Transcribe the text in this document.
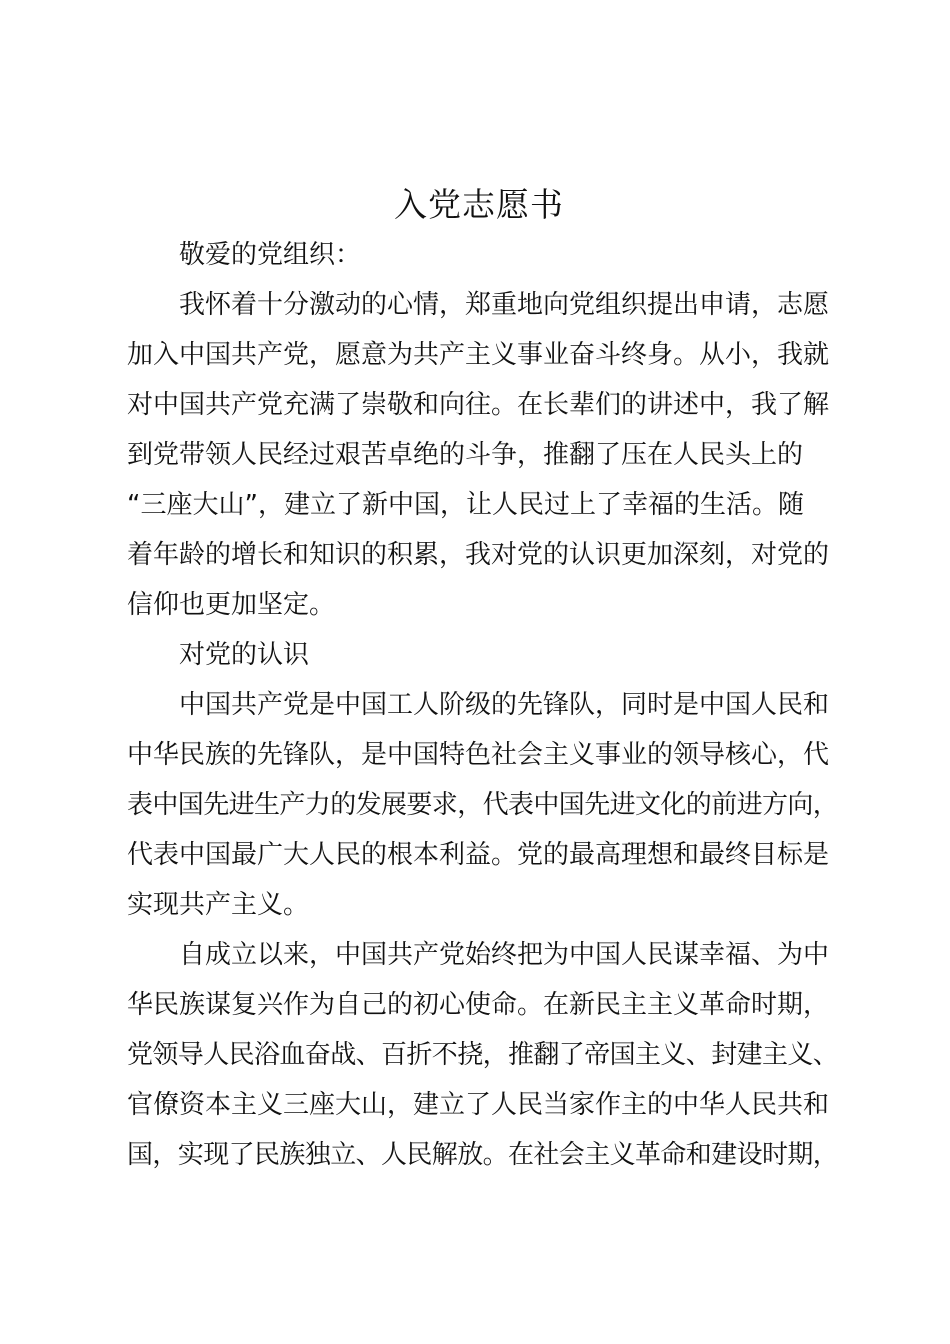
入党志愿书
敬爱的党组织：
我怀着十分激动的心情，郑重地向党组织提出申请，志愿
加入中国共产党，愿意为共产主义事业奋斗终身。从小，我就
对中国共产党充满了崇敬和向往。在长辈们的讲述中，我了解
到党带领人民经过艰苦卓绝的斗争，推翻了压在人民头上的
“三座大山”，建立了新中国，让人民过上了幸福的生活。随
着年龄的增长和知识的积累，我对党的认识更加深刻，对党的
信仰也更加坚定。
对党的认识
中国共产党是中国工人阶级的先锋队，同时是中国人民和
中华民族的先锋队，是中国特色社会主义事业的领导核心，代
表中国先进生产力的发展要求，代表中国先进文化的前进方向，
代表中国最广大人民的根本利益。党的最高理想和最终目标是
实现共产主义。
自成立以来，中国共产党始终把为中国人民谋幸福、为中
华民族谋复兴作为自己的初心使命。在新民主主义革命时期，
党领导人民浴血奋战、百折不挠，推翻了帝国主义、封建主义、
官僚资本主义三座大山，建立了人民当家作主的中华人民共和
国，实现了民族独立、人民解放。在社会主义革命和建设时期，
